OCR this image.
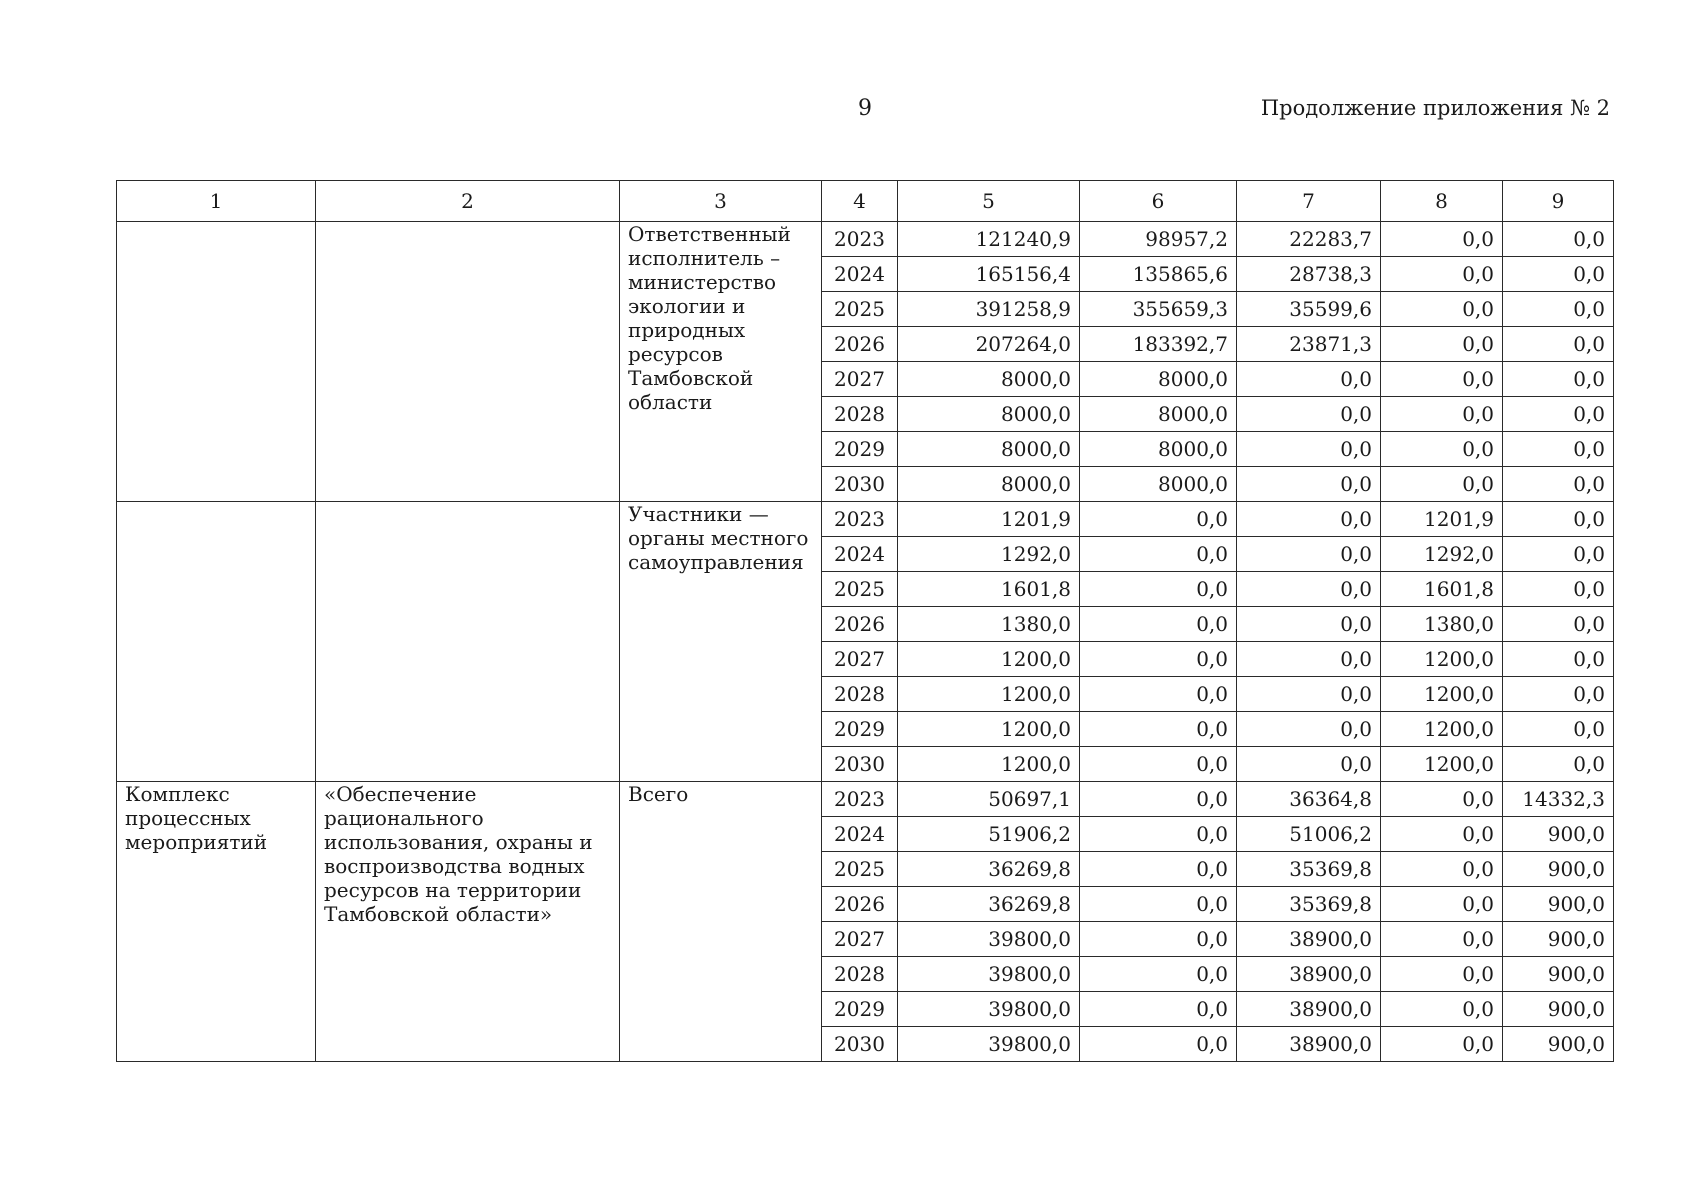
9	Продолжение приложения № 2
1	2	3	4	5	6	7	8	9
		Ответственный исполнитель – министерство экологии и природных ресурсов Тамбовской области	2023	121240,9	98957,2	22283,7	0,0	0,0
			2024	165156,4	135865,6	28738,3	0,0	0,0
			2025	391258,9	355659,3	35599,6	0,0	0,0
			2026	207264,0	183392,7	23871,3	0,0	0,0
			2027	8000,0	8000,0	0,0	0,0	0,0
			2028	8000,0	8000,0	0,0	0,0	0,0
			2029	8000,0	8000,0	0,0	0,0	0,0
			2030	8000,0	8000,0	0,0	0,0	0,0
		Участники — органы местного самоуправления	2023	1201,9	0,0	0,0	1201,9	0,0
			2024	1292,0	0,0	0,0	1292,0	0,0
			2025	1601,8	0,0	0,0	1601,8	0,0
			2026	1380,0	0,0	0,0	1380,0	0,0
			2027	1200,0	0,0	0,0	1200,0	0,0
			2028	1200,0	0,0	0,0	1200,0	0,0
			2029	1200,0	0,0	0,0	1200,0	0,0
			2030	1200,0	0,0	0,0	1200,0	0,0
Комплекс процессных мероприятий	«Обеспечение рационального использования, охраны и воспроизводства водных ресурсов на территории Тамбовской области»	Всего	2023	50697,1	0,0	36364,8	0,0	14332,3
			2024	51906,2	0,0	51006,2	0,0	900,0
			2025	36269,8	0,0	35369,8	0,0	900,0
			2026	36269,8	0,0	35369,8	0,0	900,0
			2027	39800,0	0,0	38900,0	0,0	900,0
			2028	39800,0	0,0	38900,0	0,0	900,0
			2029	39800,0	0,0	38900,0	0,0	900,0
			2030	39800,0	0,0	38900,0	0,0	900,0
